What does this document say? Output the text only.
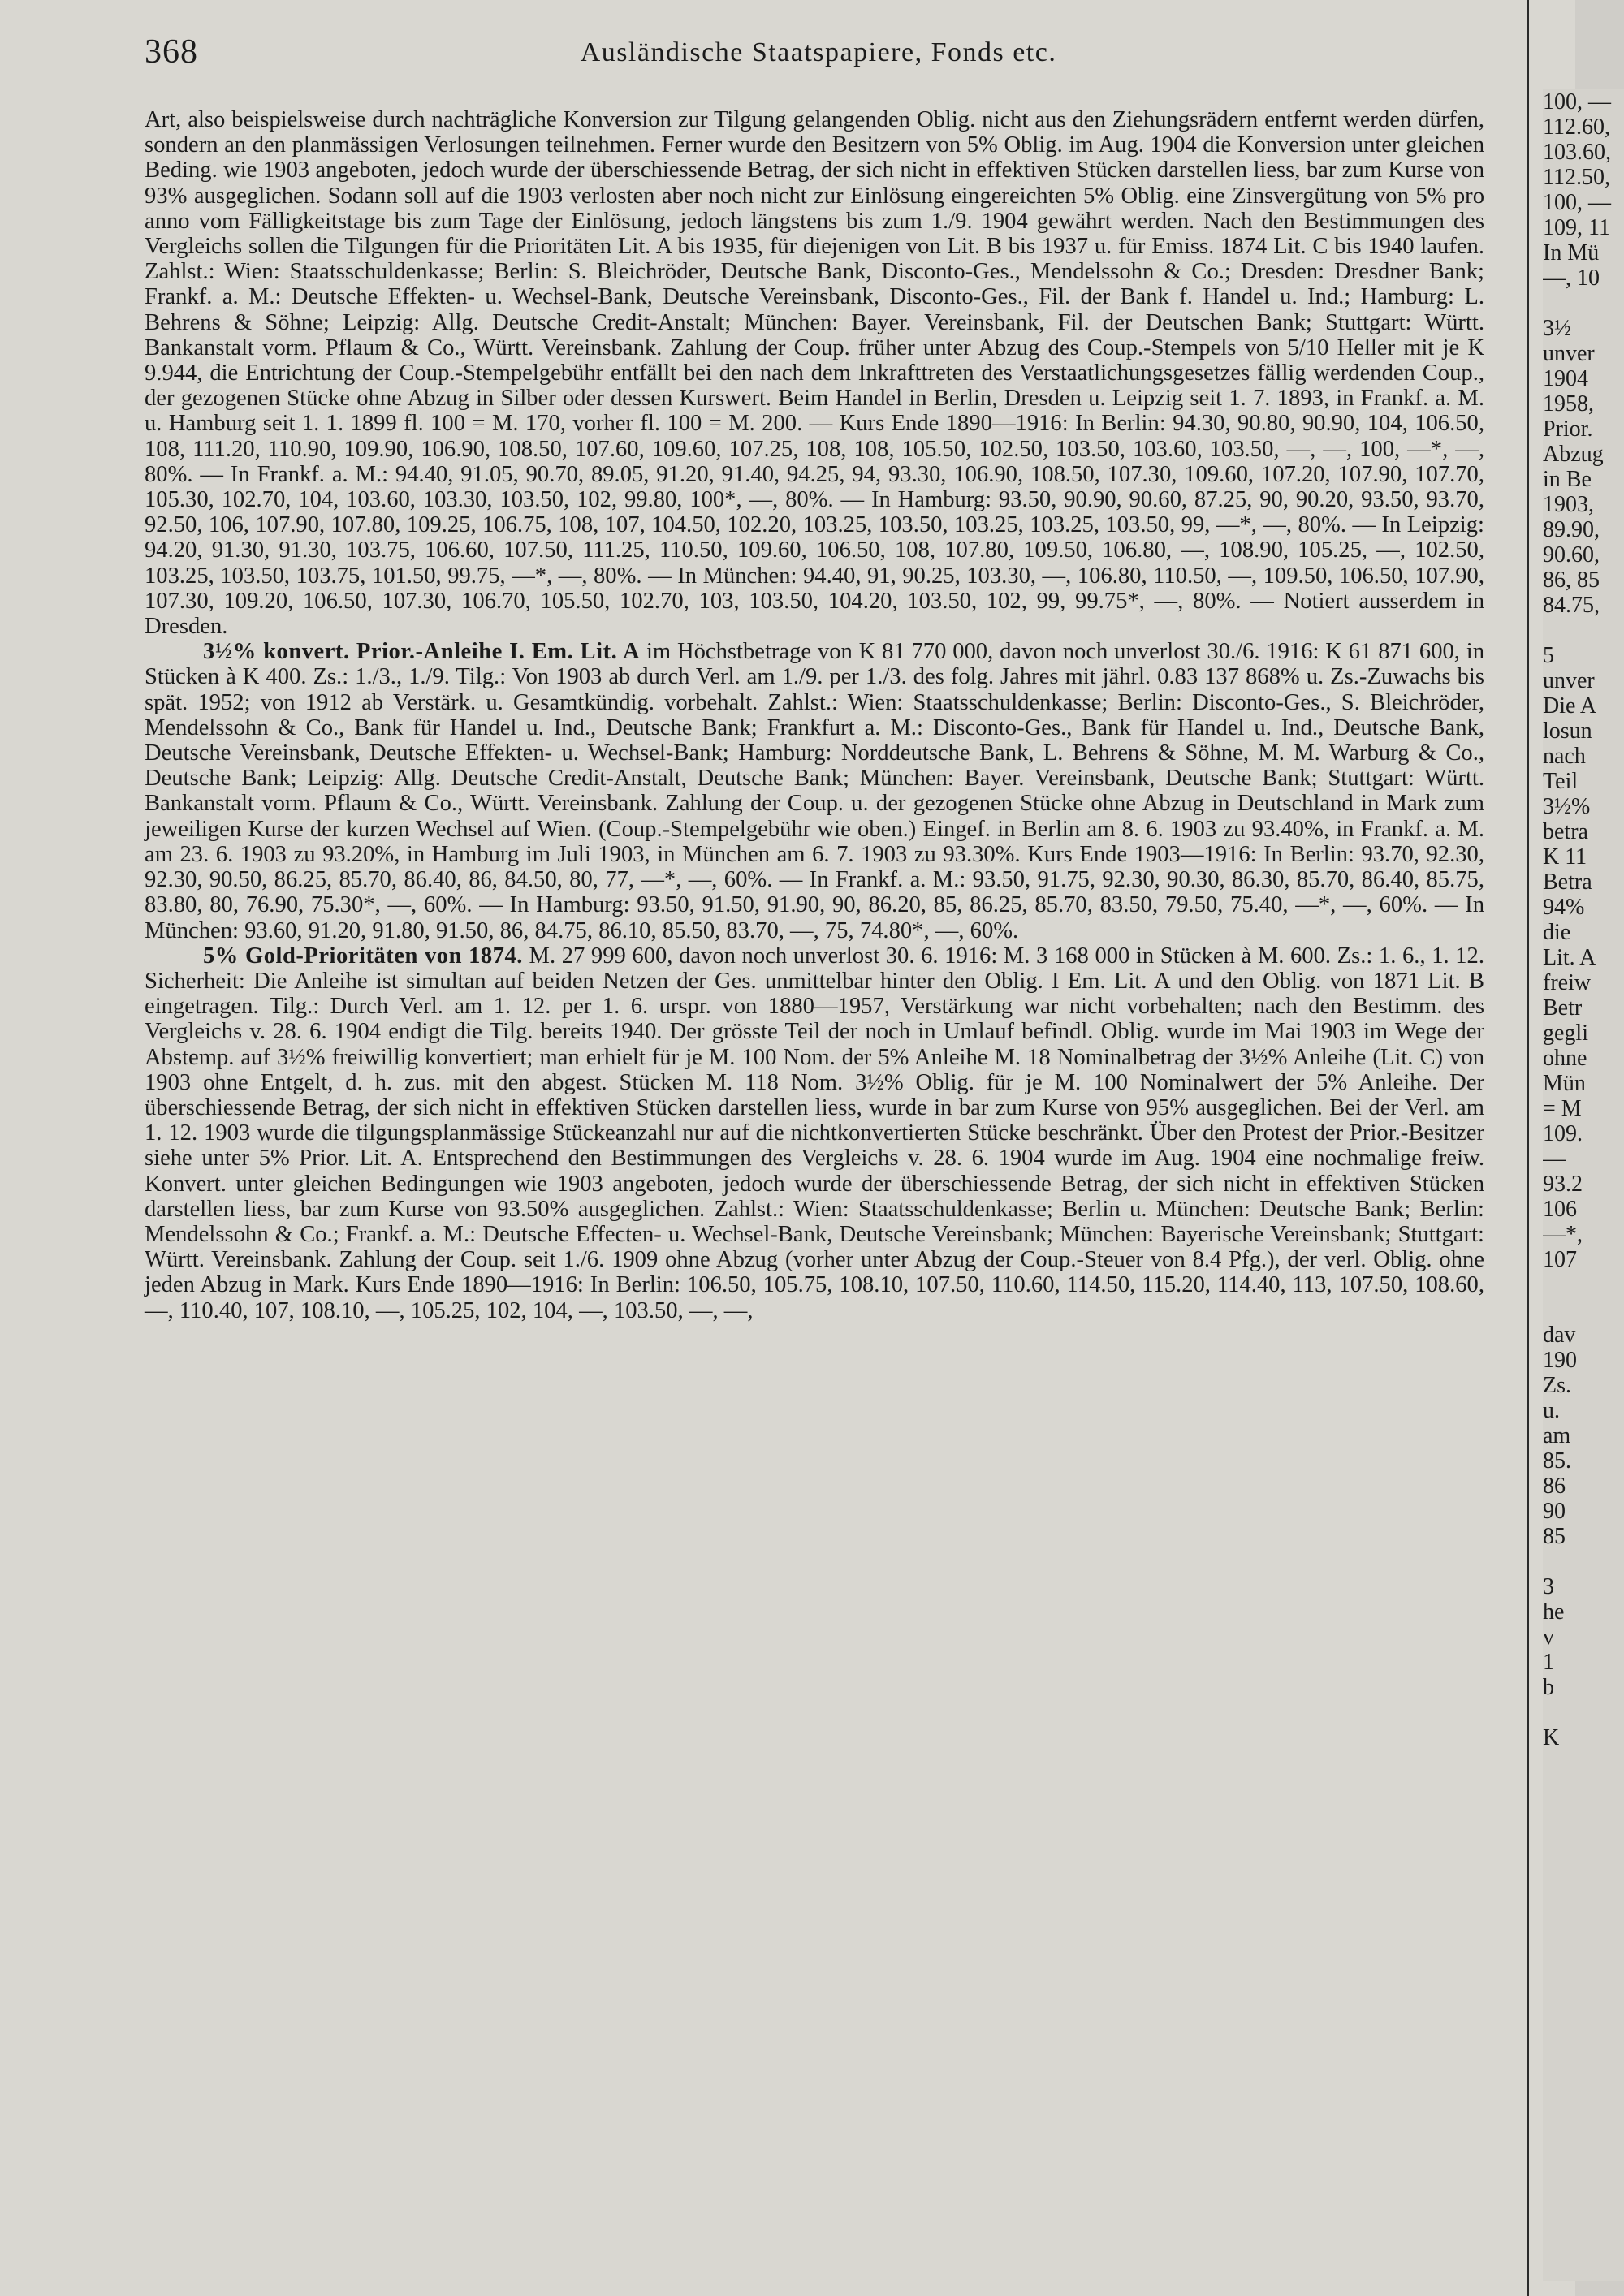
368	Ausländische Staatspapiere, Fonds etc.

Art, also beispielsweise durch nachträgliche Konversion zur Tilgung gelangenden Oblig. nicht aus den Ziehungsrädern entfernt werden dürfen, sondern an den planmässigen Verlosungen teilnehmen. Ferner wurde den Besitzern von 5% Oblig. im Aug. 1904 die Konversion unter gleichen Beding. wie 1903 angeboten, jedoch wurde der überschiessende Betrag, der sich nicht in effektiven Stücken darstellen liess, bar zum Kurse von 93% ausgeglichen. Sodann soll auf die 1903 verlosten aber noch nicht zur Einlösung eingereichten 5% Oblig. eine Zinsvergütung von 5% pro anno vom Fälligkeitstage bis zum Tage der Einlösung, jedoch längstens bis zum 1./9. 1904 gewährt werden. Nach den Bestimmungen des Vergleichs sollen die Tilgungen für die Prioritäten Lit. A bis 1935, für diejenigen von Lit. B bis 1937 u. für Emiss. 1874 Lit. C bis 1940 laufen. Zahlst.: Wien: Staatsschuldenkasse; Berlin: S. Bleichröder, Deutsche Bank, Disconto-Ges., Mendelssohn & Co.; Dresden: Dresdner Bank; Frankf. a. M.: Deutsche Effekten- u. Wechsel-Bank, Deutsche Vereinsbank, Disconto-Ges., Fil. der Bank f. Handel u. Ind.; Hamburg: L. Behrens & Söhne; Leipzig: Allg. Deutsche Credit-Anstalt; München: Bayer. Vereinsbank, Fil. der Deutschen Bank; Stuttgart: Württ. Bankanstalt vorm. Pflaum & Co., Württ. Vereinsbank. Zahlung der Coup. früher unter Abzug des Coup.-Stempels von 5/10 Heller mit je K 9.944, die Entrichtung der Coup.-Stempelgebühr entfällt bei den nach dem Inkrafttreten des Verstaatlichungsgesetzes fällig werdenden Coup., der gezogenen Stücke ohne Abzug in Silber oder dessen Kurswert. Beim Handel in Berlin, Dresden u. Leipzig seit 1. 7. 1893, in Frankf. a. M. u. Hamburg seit 1. 1. 1899 fl. 100 = M. 170, vorher fl. 100 = M. 200. — Kurs Ende 1890—1916: In Berlin: 94.30, 90.80, 90.90, 104, 106.50, 108, 111.20, 110.90, 109.90, 106.90, 108.50, 107.60, 109.60, 107.25, 108, 108, 105.50, 102.50, 103.50, 103.60, 103.50, —, —, 100, —*, —, 80%. — In Frankf. a. M.: 94.40, 91.05, 90.70, 89.05, 91.20, 91.40, 94.25, 94, 93.30, 106.90, 108.50, 107.30, 109.60, 107.20, 107.90, 107.70, 105.30, 102.70, 104, 103.60, 103.30, 103.50, 102, 99.80, 100*, —, 80%. — In Hamburg: 93.50, 90.90, 90.60, 87.25, 90, 90.20, 93.50, 93.70, 92.50, 106, 107.90, 107.80, 109.25, 106.75, 108, 107, 104.50, 102.20, 103.25, 103.50, 103.25, 103.25, 103.50, 99, —*, —, 80%. — In Leipzig: 94.20, 91.30, 91.30, 103.75, 106.60, 107.50, 111.25, 110.50, 109.60, 106.50, 108, 107.80, 109.50, 106.80, —, 108.90, 105.25, —, 102.50, 103.25, 103.50, 103.75, 101.50, 99.75, —*, —, 80%. — In München: 94.40, 91, 90.25, 103.30, —, 106.80, 110.50, —, 109.50, 106.50, 107.90, 107.30, 109.20, 106.50, 107.30, 106.70, 105.50, 102.70, 103, 103.50, 104.20, 103.50, 102, 99, 99.75*, —, 80%. — Notiert ausserdem in Dresden.

3½% konvert. Prior.-Anleihe I. Em. Lit. A im Höchstbetrage von K 81 770 000, davon noch unverlost 30./6. 1916: K 61 871 600, in Stücken à K 400. Zs.: 1./3., 1./9. Tilg.: Von 1903 ab durch Verl. am 1./9. per 1./3. des folg. Jahres mit jährl. 0.83 137 868% u. Zs.-Zuwachs bis spät. 1952; von 1912 ab Verstärk. u. Gesamtkündig. vorbehalt. Zahlst.: Wien: Staatsschuldenkasse; Berlin: Disconto-Ges., S. Bleichröder, Mendelssohn & Co., Bank für Handel u. Ind., Deutsche Bank; Frankfurt a. M.: Disconto-Ges., Bank für Handel u. Ind., Deutsche Bank, Deutsche Vereinsbank, Deutsche Effekten- u. Wechsel-Bank; Hamburg: Norddeutsche Bank, L. Behrens & Söhne, M. M. Warburg & Co., Deutsche Bank; Leipzig: Allg. Deutsche Credit-Anstalt, Deutsche Bank; München: Bayer. Vereinsbank, Deutsche Bank; Stuttgart: Württ. Bankanstalt vorm. Pflaum & Co., Württ. Vereinsbank. Zahlung der Coup. u. der gezogenen Stücke ohne Abzug in Deutschland in Mark zum jeweiligen Kurse der kurzen Wechsel auf Wien. (Coup.-Stempelgebühr wie oben.) Eingef. in Berlin am 8. 6. 1903 zu 93.40%, in Frankf. a. M. am 23. 6. 1903 zu 93.20%, in Hamburg im Juli 1903, in München am 6. 7. 1903 zu 93.30%. Kurs Ende 1903—1916: In Berlin: 93.70, 92.30, 92.30, 90.50, 86.25, 85.70, 86.40, 86, 84.50, 80, 77, —*, —, 60%. — In Frankf. a. M.: 93.50, 91.75, 92.30, 90.30, 86.30, 85.70, 86.40, 85.75, 83.80, 80, 76.90, 75.30*, —, 60%. — In Hamburg: 93.50, 91.50, 91.90, 90, 86.20, 85, 86.25, 85.70, 83.50, 79.50, 75.40, —*, —, 60%. — In München: 93.60, 91.20, 91.80, 91.50, 86, 84.75, 86.10, 85.50, 83.70, —, 75, 74.80*, —, 60%.

5% Gold-Prioritäten von 1874. M. 27 999 600, davon noch unverlost 30. 6. 1916: M. 3 168 000 in Stücken à M. 600. Zs.: 1. 6., 1. 12. Sicherheit: Die Anleihe ist simultan auf beiden Netzen der Ges. unmittelbar hinter den Oblig. I Em. Lit. A und den Oblig. von 1871 Lit. B eingetragen. Tilg.: Durch Verl. am 1. 12. per 1. 6. urspr. von 1880—1957, Verstärkung war nicht vorbehalten; nach den Bestimm. des Vergleichs v. 28. 6. 1904 endigt die Tilg. bereits 1940. Der grösste Teil der noch in Umlauf befindl. Oblig. wurde im Mai 1903 im Wege der Abstemp. auf 3½% freiwillig konvertiert; man erhielt für je M. 100 Nom. der 5% Anleihe M. 18 Nominalbetrag der 3½% Anleihe (Lit. C) von 1903 ohne Entgelt, d. h. zus. mit den abgest. Stücken M. 118 Nom. 3½% Oblig. für je M. 100 Nominalwert der 5% Anleihe. Der überschiessende Betrag, der sich nicht in effektiven Stücken darstellen liess, wurde in bar zum Kurse von 95% ausgeglichen. Bei der Verl. am 1. 12. 1903 wurde die tilgungsplanmässige Stückeanzahl nur auf die nichtkonvertierten Stücke beschränkt. Über den Protest der Prior.-Besitzer siehe unter 5% Prior. Lit. A. Entsprechend den Bestimmungen des Vergleichs v. 28. 6. 1904 wurde im Aug. 1904 eine nochmalige freiw. Konvert. unter gleichen Bedingungen wie 1903 angeboten, jedoch wurde der überschiessende Betrag, der sich nicht in effektiven Stücken darstellen liess, bar zum Kurse von 93.50% ausgeglichen. Zahlst.: Wien: Staatsschuldenkasse; Berlin u. München: Deutsche Bank; Berlin: Mendelssohn & Co.; Frankf. a. M.: Deutsche Effecten- u. Wechsel-Bank, Deutsche Vereinsbank; München: Bayerische Vereinsbank; Stuttgart: Württ. Vereinsbank. Zahlung der Coup. seit 1./6. 1909 ohne Abzug (vorher unter Abzug der Coup.-Steuer von 8.4 Pfg.), der verl. Oblig. ohne jeden Abzug in Mark. Kurs Ende 1890—1916: In Berlin: 106.50, 105.75, 108.10, 107.50, 110.60, 114.50, 115.20, 114.40, 113, 107.50, 108.60, —, 110.40, 107, 108.10, —, 105.25, 102, 104, —, 103.50, —, —,

100, —
112.60,
103.60,
112.50,
100, —
109, 11
In Mü
—, 10

3½
unver
1904
1958,
Prior.
Abzug
in Be
1903,
89.90,
90.60,
86, 85
84.75,

5
unver
Die A
losun
nach
Teil
3½%
betra
K 11
Betra
94%
die
Lit. A
freiw
Betr
gegli
ohne
Mün
= M
109.
—
93.2
106
—*,
107

dav
190
Zs.
u.
am
85.
86
90
85

3
he
v
1
b

K
